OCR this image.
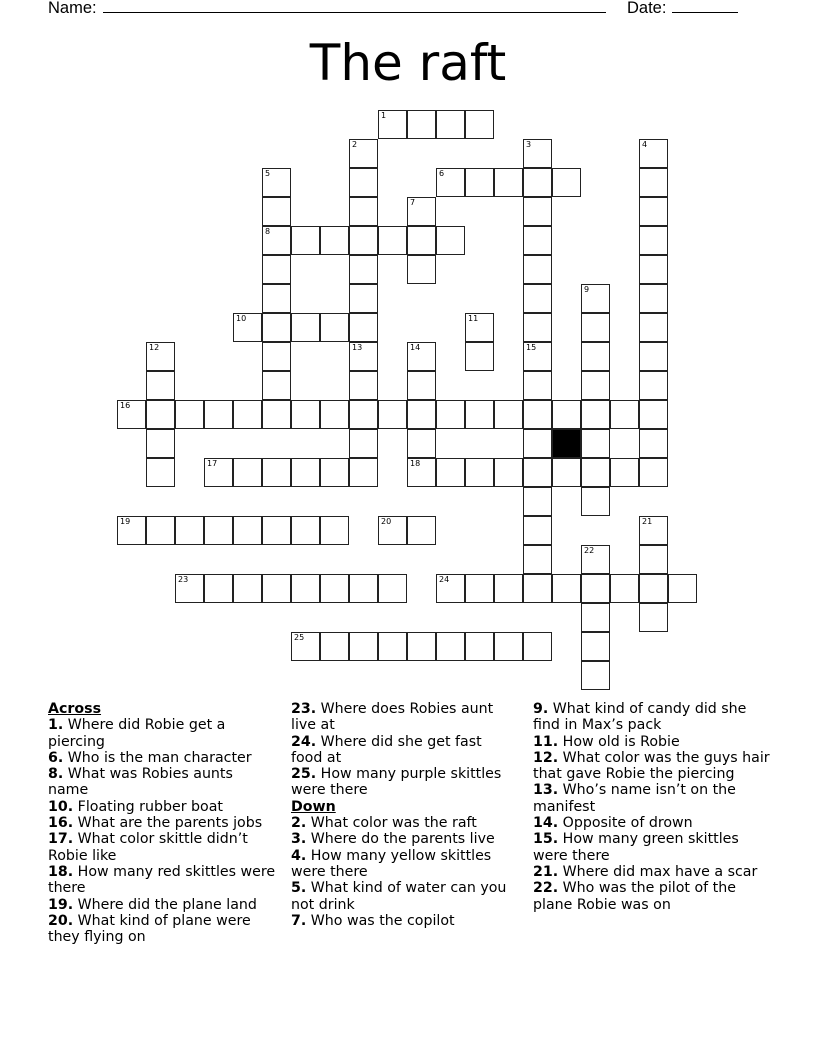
Name:	Date:
The raft
1
6
8
10
16
17	18
19	20
23	24
25
2	3	4
5
7
9
11
12	13	14	15
21
22
Across
1. Where did Robie get a piercing
6. Who is the man character
8. What was Robies aunts name
10. Floating rubber boat
16. What are the parents jobs
17. What color skittle didn’t Robie like
18. How many red skittles were there
19. Where did the plane land
20. What kind of plane were they flying on
23. Where does Robies aunt live at
24. Where did she get fast food at
25. How many purple skittles were there
Down
2. What color was the raft
3. Where do the parents live
4. How many yellow skittles were there
5. What kind of water can you not drink
7. Who was the copilot
9. What kind of candy did she find in Max’s pack
11. How old is Robie
12. What color was the guys hair that gave Robie the piercing
13. Who’s name isn’t on the manifest
14. Opposite of drown
15. How many green skittles were there
21. Where did max have a scar
22. Who was the pilot of the plane Robie was on
